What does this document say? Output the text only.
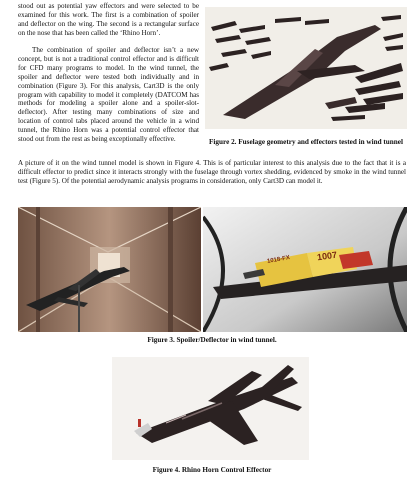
stood out as potential yaw effectors and were selected to be examined for this work. The first is a combination of spoiler and deflector on the wing. The second is a rectangular surface on the nose that has been called the ‘Rhino Horn’.

The combination of spoiler and deflector isn’t a new concept, but is not a traditional control effector and is difficult for CFD many programs to model. In the wind tunnel, the spoiler and deflector were tested both individually and in combination (Figure 3). For this analysis, Cart3D is the only program with capability to model it completely (DATCOM has methods for modeling a spoiler alone and a spoiler-slot-deflector). After testing many combinations of size and location of control tabs placed around the vehicle in a wind tunnel, the Rhino Horn was a potential control effector that stood out from the rest as being exceptionally effective.	Figure 2. Fuselage geometry and effectors tested in wind tunnel

A picture of it on the wind tunnel model is shown in Figure 4. This is of particular interest to this analysis due to the fact that it is a difficult effector to predict since it interacts strongly with the fuselage through vortex shedding, evidenced by smoke in the wind tunnel test (Figure 5). Of the potential aerodynamic analysis programs in consideration, only Cart3D can model it.

1018-FX	1007

Figure 3. Spoiler/Deflector in wind tunnel.

Figure 4. Rhino Horn Control Effector
